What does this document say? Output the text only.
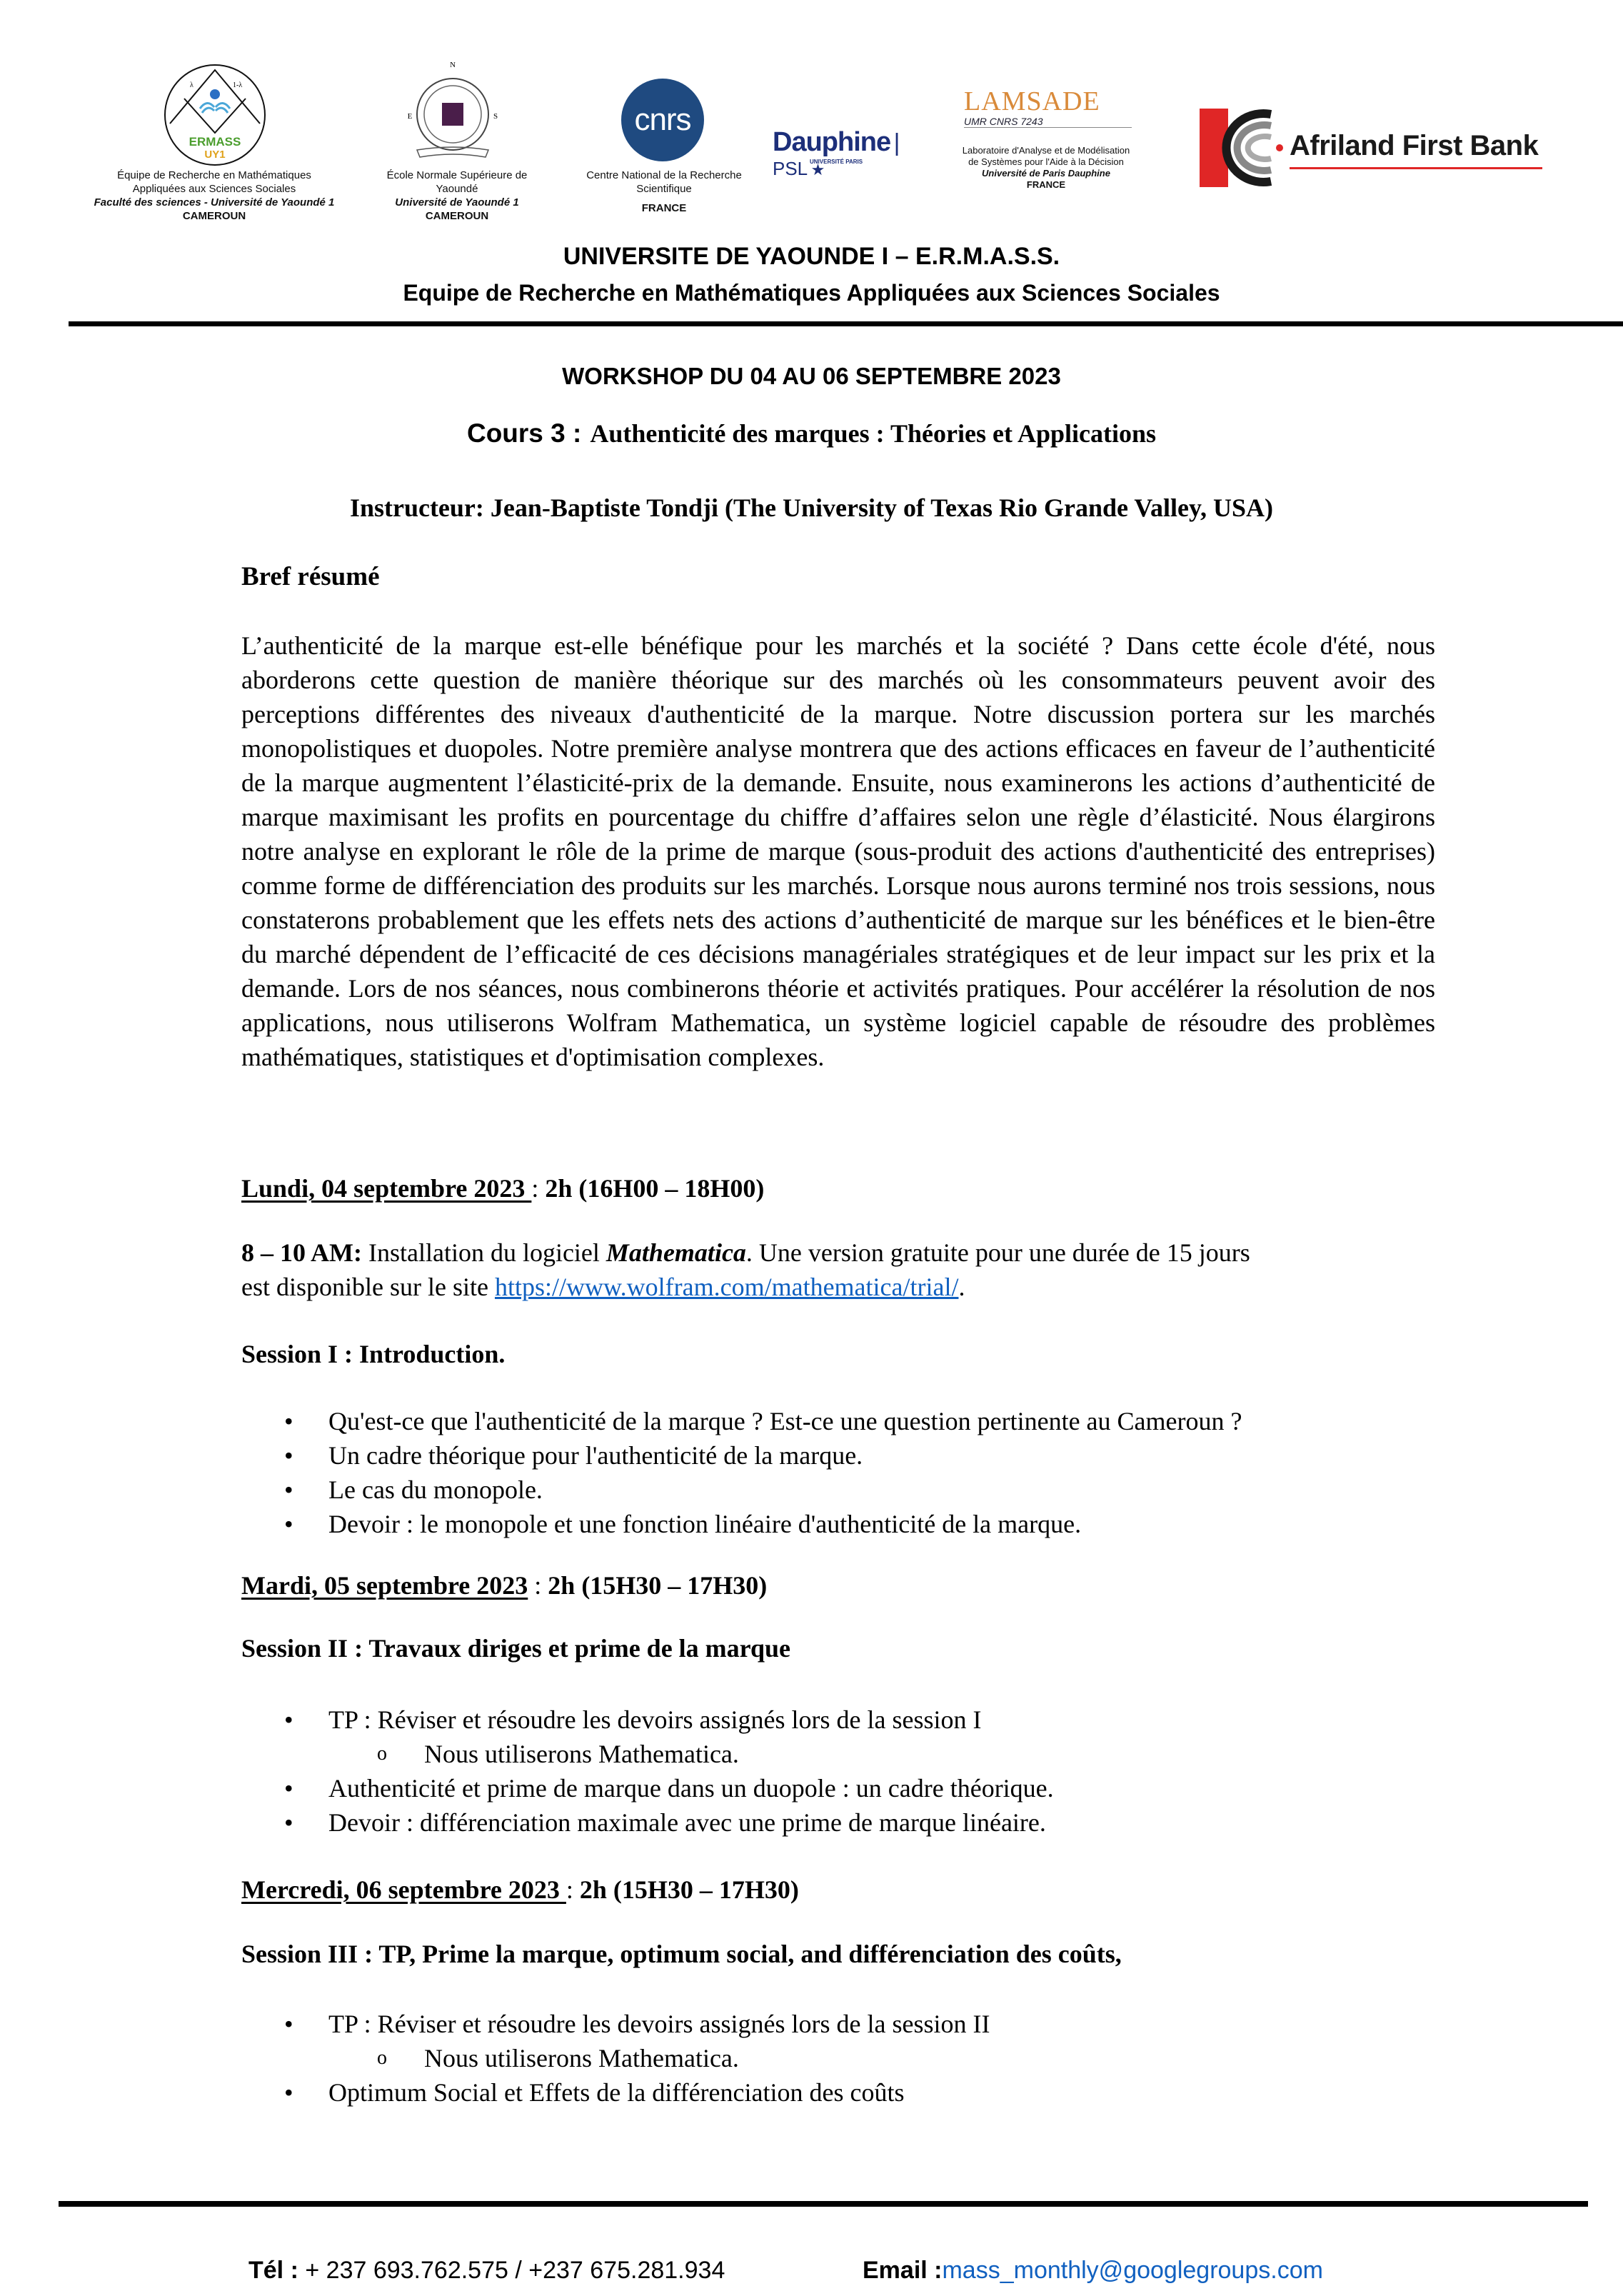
λ	1-λ
ERMASS
UY1
Équipe de Recherche en Mathématiques
Appliquées aux Sciences Sociales
Faculté des sciences - Université de Yaoundé 1
CAMEROUN
N
E	S
École Normale Supérieure de
Yaoundé
Université de Yaoundé 1
CAMEROUN
cnrs
Centre National de la Recherche
Scientifique
FRANCE
Dauphine | PSL ★
UNIVERSITÉ PARIS
LAMSADE
UMR CNRS 7243
Laboratoire d'Analyse et de Modélisation
de Systèmes pour l'Aide à la Décision
Université de Paris Dauphine
FRANCE
Afriland First Bank
UNIVERSITE DE YAOUNDE I – E.R.M.A.S.S.
Equipe de Recherche en Mathématiques Appliquées aux Sciences Sociales
WORKSHOP DU 04 AU 06 SEPTEMBRE 2023
Cours 3 : Authenticité des marques : Théories et Applications
Instructeur: Jean-Baptiste Tondji (The University of Texas Rio Grande Valley, USA)
Bref résumé
L’authenticité de la marque est-elle bénéfique pour les marchés et la société ? Dans cette école d'été, nous aborderons cette question de manière théorique sur des marchés où les consommateurs peuvent avoir des perceptions différentes des niveaux d'authenticité de la marque. Notre discussion portera sur les marchés monopolistiques et duopoles. Notre première analyse montrera que des actions efficaces en faveur de l’authenticité de la marque augmentent l’élasticité-prix de la demande. Ensuite, nous examinerons les actions d’authenticité de marque maximisant les profits en pourcentage du chiffre d’affaires selon une règle d’élasticité. Nous élargirons notre analyse en explorant le rôle de la prime de marque (sous-produit des actions d'authenticité des entreprises) comme forme de différenciation des produits sur les marchés. Lorsque nous aurons terminé nos trois sessions, nous constaterons probablement que les effets nets des actions d’authenticité de marque sur les bénéfices et le bien-être du marché dépendent de l’efficacité de ces décisions managériales stratégiques et de leur impact sur les prix et la demande. Lors de nos séances, nous combinerons théorie et activités pratiques. Pour accélérer la résolution de nos applications, nous utiliserons Wolfram Mathematica, un système logiciel capable de résoudre des problèmes mathématiques, statistiques et d'optimisation complexes.
Lundi, 04 septembre 2023 : 2h (16H00 – 18H00)
8 – 10 AM: Installation du logiciel Mathematica. Une version gratuite pour une durée de 15 jours
est disponible sur le site https://www.wolfram.com/mathematica/trial/.
Session I : Introduction.
• Qu'est-ce que l'authenticité de la marque ? Est-ce une question pertinente au Cameroun ?
• Un cadre théorique pour l'authenticité de la marque.
• Le cas du monopole.
• Devoir : le monopole et une fonction linéaire d'authenticité de la marque.
Mardi, 05 septembre 2023 : 2h (15H30 – 17H30)
Session II : Travaux diriges et prime de la marque
• TP : Réviser et résoudre les devoirs assignés lors de la session I
o Nous utiliserons Mathematica.
• Authenticité et prime de marque dans un duopole : un cadre théorique.
• Devoir : différenciation maximale avec une prime de marque linéaire.
Mercredi, 06 septembre 2023 : 2h (15H30 – 17H30)
Session III : TP, Prime la marque, optimum social, and différenciation des coûts,
• TP : Réviser et résoudre les devoirs assignés lors de la session II
o Nous utiliserons Mathematica.
• Optimum Social et Effets de la différenciation des coûts
Tél : + 237 693.762.575 / +237 675.281.934	Email :mass_monthly@googlegroups.com
